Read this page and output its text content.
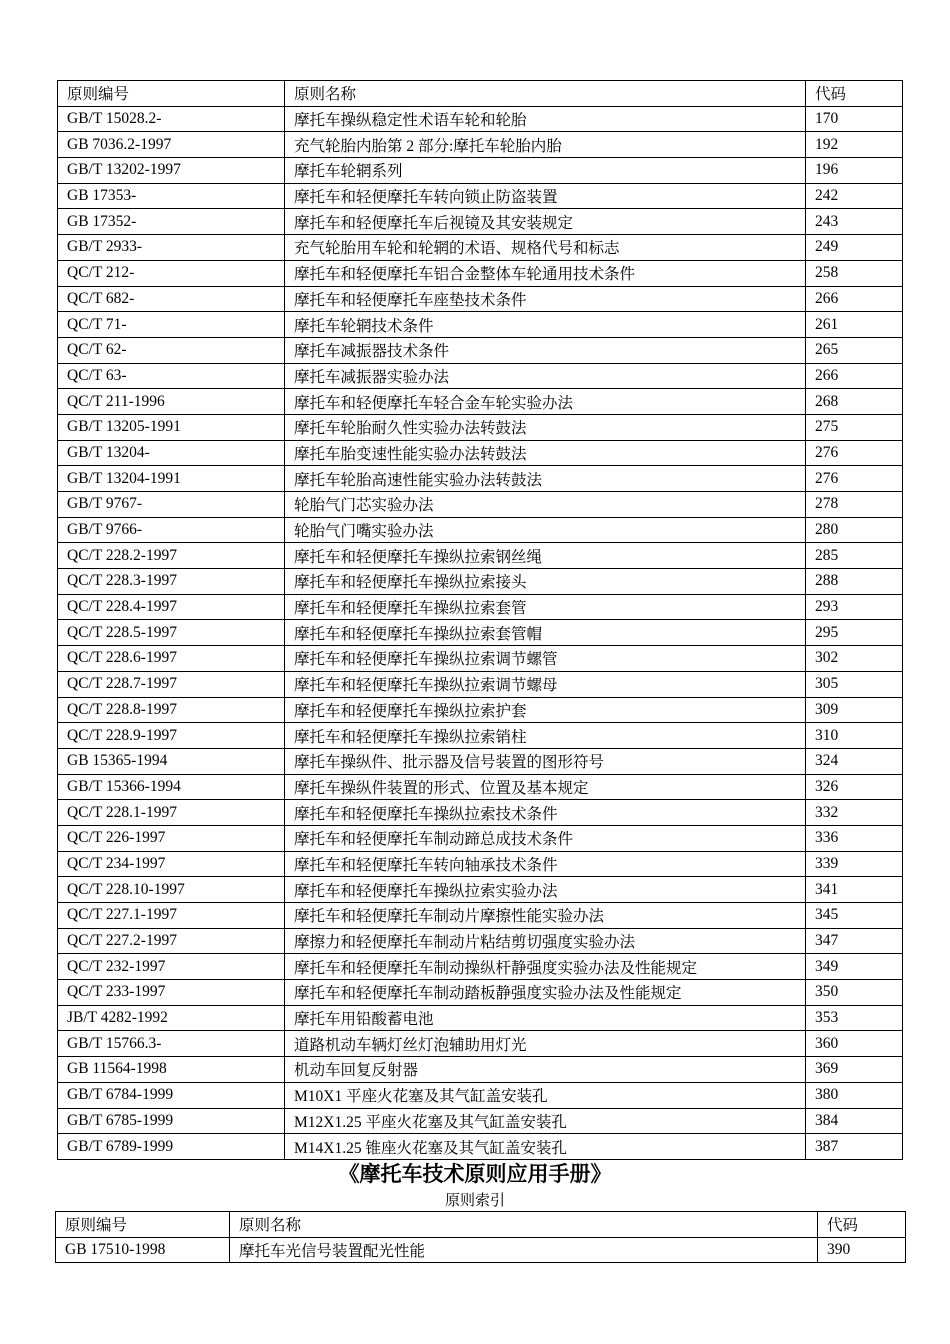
原则编号	原则名称	代码
GB/T 15028.2-	摩托车操纵稳定性术语车轮和轮胎	170
GB 7036.2-1997	充气轮胎内胎第 2 部分:摩托车轮胎内胎	192
GB/T 13202-1997	摩托车轮辋系列	196
GB 17353-	摩托车和轻便摩托车转向锁止防盗装置	242
GB 17352-	摩托车和轻便摩托车后视镜及其安装规定	243
GB/T 2933-	充气轮胎用车轮和轮辋的术语、规格代号和标志	249
QC/T 212-	摩托车和轻便摩托车铝合金整体车轮通用技术条件	258
QC/T 682-	摩托车和轻便摩托车座垫技术条件	266
QC/T 71-	摩托车轮辋技术条件	261
QC/T 62-	摩托车减振器技术条件	265
QC/T 63-	摩托车减振器实验办法	266
QC/T 211-1996	摩托车和轻便摩托车轻合金车轮实验办法	268
GB/T 13205-1991	摩托车轮胎耐久性实验办法转鼓法	275
GB/T 13204-	摩托车胎变速性能实验办法转鼓法	276
GB/T 13204-1991	摩托车轮胎高速性能实验办法转鼓法	276
GB/T 9767-	轮胎气门芯实验办法	278
GB/T 9766-	轮胎气门嘴实验办法	280
QC/T 228.2-1997	摩托车和轻便摩托车操纵拉索钢丝绳	285
QC/T 228.3-1997	摩托车和轻便摩托车操纵拉索接头	288
QC/T 228.4-1997	摩托车和轻便摩托车操纵拉索套管	293
QC/T 228.5-1997	摩托车和轻便摩托车操纵拉索套管帽	295
QC/T 228.6-1997	摩托车和轻便摩托车操纵拉索调节螺管	302
QC/T 228.7-1997	摩托车和轻便摩托车操纵拉索调节螺母	305
QC/T 228.8-1997	摩托车和轻便摩托车操纵拉索护套	309
QC/T 228.9-1997	摩托车和轻便摩托车操纵拉索销柱	310
GB 15365-1994	摩托车操纵件、批示器及信号装置的图形符号	324
GB/T 15366-1994	摩托车操纵件装置的形式、位置及基本规定	326
QC/T 228.1-1997	摩托车和轻便摩托车操纵拉索技术条件	332
QC/T 226-1997	摩托车和轻便摩托车制动蹄总成技术条件	336
QC/T 234-1997	摩托车和轻便摩托车转向轴承技术条件	339
QC/T 228.10-1997	摩托车和轻便摩托车操纵拉索实验办法	341
QC/T 227.1-1997	摩托车和轻便摩托车制动片摩擦性能实验办法	345
QC/T 227.2-1997	摩擦力和轻便摩托车制动片粘结剪切强度实验办法	347
QC/T 232-1997	摩托车和轻便摩托车制动操纵杆静强度实验办法及性能规定	349
QC/T 233-1997	摩托车和轻便摩托车制动踏板静强度实验办法及性能规定	350
JB/T 4282-1992	摩托车用铅酸蓄电池	353
GB/T 15766.3-	道路机动车辆灯丝灯泡辅助用灯光	360
GB 11564-1998	机动车回复反射器	369
GB/T 6784-1999	M10X1 平座火花塞及其气缸盖安装孔	380
GB/T 6785-1999	M12X1.25 平座火花塞及其气缸盖安装孔	384
GB/T 6789-1999	M14X1.25 锥座火花塞及其气缸盖安装孔	387
《摩托车技术原则应用手册》
原则索引
原则编号	原则名称	代码
GB 17510-1998	摩托车光信号装置配光性能	390
